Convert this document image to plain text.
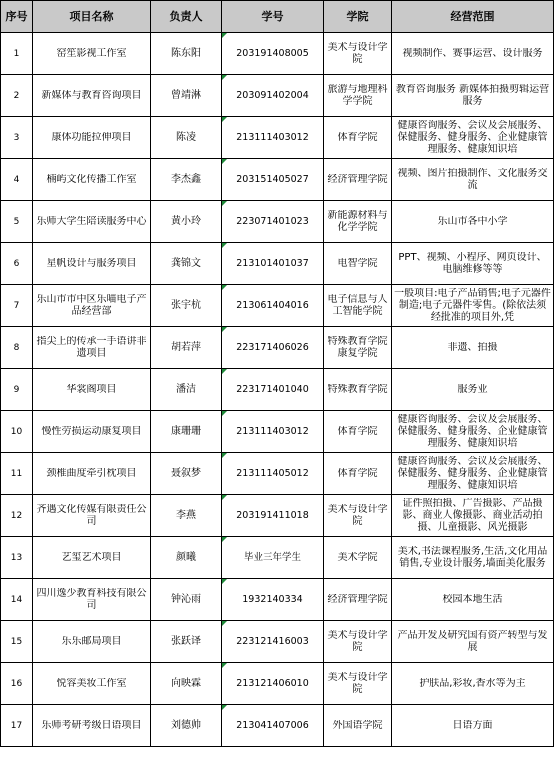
序号	项目名称	负责人	学号	学院	经营范围
1	窑笙影视工作室	陈东阳	203191408005	美术与设计学院	视频制作、赛事运营、设计服务

2	新媒体与教育咨询项目	曾靖淋	203091402004	旅游与地理科学学院	教育咨询服务 新媒体拍摄剪辑运营服务

3	康体功能拉伸项目	陈凌	213111403012	体育学院	健康咨询服务、会议及会展服务、保健服务、健身服务、企业健康管理服务、健康知识培

4	楠屿文化传播工作室	李杰鑫	203151405027	经济管理学院	视频、图片拍摄制作、文化服务交流

5	乐师大学生陪读服务中心	黄小玲	223071401023	新能源材料与化学学院	乐山市各中小学

6	星帆设计与服务项目	龚锦文	213101401037	电智学院	PPT、视频、小程序、网页设计、电脑维修等等

7	乐山市市中区乐喵电子产品经营部	张宇杭	213061404016	电子信息与人工智能学院	一般项目:电子产品销售;电子元器件制造;电子元器件零售。(除依法须经批准的项目外,凭

8	指尖上的传承一手语讲非遗项目	胡若萍	223171406026	特殊教育学院康复学院	非遗、拍摄

9	华裳阁项目	潘洁	223171401040	特殊教育学院	服务业

10	慢性劳损运动康复项目	康珊珊	213111403012	体育学院	健康咨询服务、会议及会展服务、保健服务、健身服务、企业健康管理服务、健康知识培

11	颈椎曲度牵引枕项目	聂叙梦	213111405012	体育学院	健康咨询服务、会议及会展服务、保健服务、健身服务、企业健康管理服务、健康知识培

12	齐遇文化传媒有限责任公司	李燕	203191411018	美术与设计学院	证件照拍摄、广告摄影、产品摄影、商业人像摄影、商业活动拍摄、儿童摄影、风光摄影

13	艺玺艺术项目	颜曦	毕业三年学生	美术学院	美术,书法课程服务,生活,文化用品销售,专业设计服务,墙面美化服务

14	四川逸少教育科技有限公司	钟沁雨	1932140334	经济管理学院	校园本地生活

15	乐乐邮局项目	张跃译	223121416003	美术与设计学院	产品开发及研究国有资产转型与发展

16	悦容美妆工作室	向映霖	213121406010	美术与设计学院	护肤品,彩妆,香水等为主

17	乐师考研考级日语项目	刘德帅	213041407006	外国语学院	日语方面
